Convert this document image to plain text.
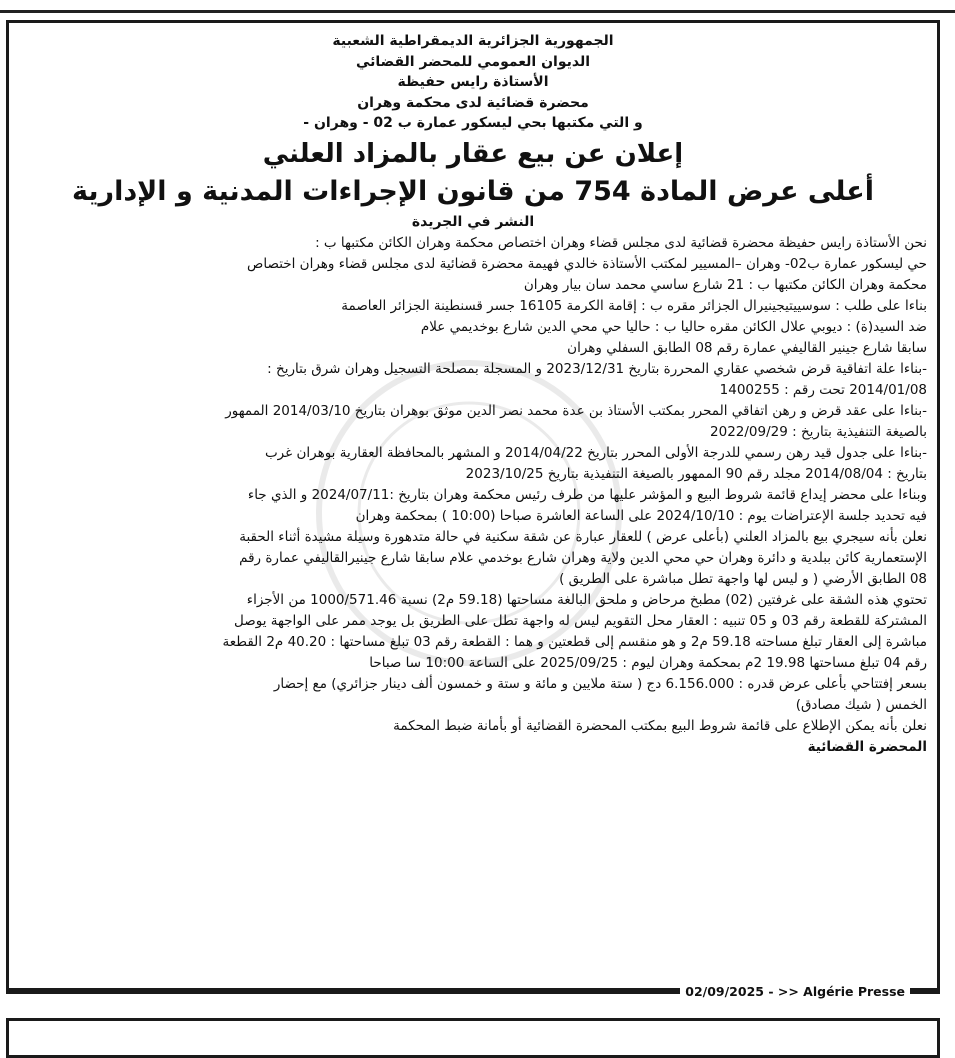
الجمهورية الجزائرية الديمقراطية الشعبية
الديوان العمومي للمحضر القضائي
الأستاذة رايس حفيظة
محضرة قضائية لدى محكمة وهران
و التي مكتبها بحي ليسكور عمارة ب 02 - وهران -
إعلان عن بيع عقار بالمزاد العلني
أعلى عرض المادة 754 من قانون الإجراءات المدنية و الإدارية
النشر في الجريدة
نحن الأستاذة رايس حفيظة محضرة قضائية لدى مجلس قضاء وهران اختصاص محكمة وهران الكائن مكتبها ب :
حي ليسكور عمارة ب02- وهران –المسيير لمكتب الأستاذة خالدي فهيمة محضرة قضائية لدى مجلس قضاء وهران اختصاص
محكمة وهران الكائن مكتبها ب : 21 شارع ساسي محمد سان بيار وهران
بناءا على طلب : سوسييتيجينيرال الجزائر مقره ب : إقامة الكرمة 16105 جسر قسنطينة الجزائر العاصمة
ضد السيد(ة) : ديوبي علال الكائن مقره حاليا ب : حاليا حي محي الدين شارع بوخديمي علام
سابقا شارع جينير القاليفي عمارة رقم 08 الطابق السفلي وهران
-بناءا علة اتفاقية قرض شخصي عقاري المحررة بتاريخ 2023/12/31 و المسجلة بمصلحة التسجيل وهران شرق بتاريخ :
2014/01/08 تحت رقم : 1400255
-بناءا على عقد قرض و رهن اتفاقي المحرر بمكتب الأستاذ بن عدة محمد نصر الدين موثق بوهران بتاريخ 2014/03/10 الممهور
بالصيغة التنفيذية بتاريخ : 2022/09/29
-بناءا على جدول قيد رهن رسمي للدرجة الأولى المحرر بتاريخ 2014/04/22 و المشهر بالمحافظة العقارية بوهران غرب
بتاريخ : 2014/08/04 مجلد رقم 90 الممهور بالصيغة التنفيذية بتاريخ 2023/10/25
وبناءا على محضر إيداع قائمة شروط البيع و المؤشر عليها من طرف رئيس محكمة وهران بتاريخ :2024/07/11 و الذي جاء
فيه تحديد جلسة الإعتراضات يوم : 2024/10/10 على الساعة العاشرة صباحا (10:00 ) بمحكمة وهران
نعلن بأنه سيجري بيع بالمزاد العلني (بأعلى عرض ) للعقار عبارة عن شقة سكنية في حالة متدهورة وسيلة مشيدة أثناء الحقبة
الإستعمارية كائن ببلدية و دائرة وهران حي محي الدين ولاية وهران شارع بوخدمي علام سابقا شارع جينيرالقاليفي عمارة رقم
08 الطابق الأرضي ( و ليس لها واجهة تطل مباشرة على الطريق )
تحتوي هذه الشقة على غرفتين (02) مطبخ مرحاض و ملحق البالغة مساحتها (59.18 م2) نسبة 1000/571.46 من الأجزاء
المشتركة للقطعة رقم 03 و 05 تنبيه : العقار محل التقويم ليس له واجهة تطل على الطريق بل يوجد ممر على الواجهة يوصل
مباشرة إلى العقار تبلغ مساحته 59.18 م2 و هو منقسم إلى قطعتين و هما : القطعة رقم 03 تبلغ مساحتها : 40.20 م2 القطعة
رقم 04 تبلغ مساحتها 19.98 2م بمحكمة وهران ليوم : 2025/09/25 على الساعة 10:00 سا صباحا
بسعر إفتتاحي بأعلى عرض قدره : 6.156.000 دج ( ستة ملايين و مائة و ستة و خمسون ألف دينار جزائري) مع إحضار
الخمس ( شيك مصادق)
نعلن بأنه يمكن الإطلاع على قائمة شروط البيع بمكتب المحضرة القضائية أو بأمانة ضبط المحكمة
المحضرة القضائية
02/09/2025 - >> Algérie Presse
